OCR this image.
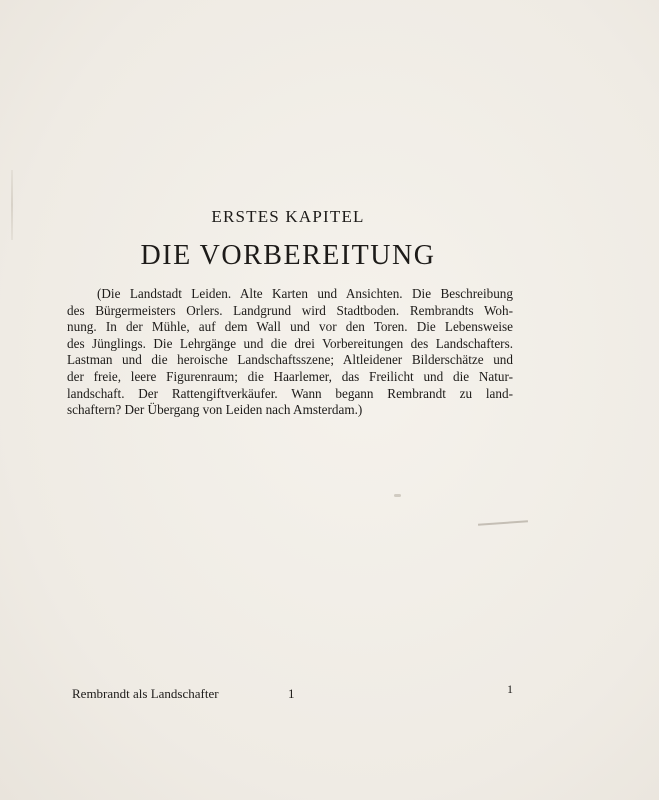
ERSTES KAPITEL
DIE VORBEREITUNG

(Die Landstadt Leiden. Alte Karten und Ansichten. Die Beschreibung
des Bürgermeisters Orlers. Landgrund wird Stadtboden. Rembrandts Woh-
nung. In der Mühle, auf dem Wall und vor den Toren. Die Lebensweise
des Jünglings. Die Lehrgänge und die drei Vorbereitungen des Landschafters.
Lastman und die heroische Landschaftsszene; Altleidener Bilderschätze und
der freie, leere Figurenraum; die Haarlemer, das Freilicht und die Natur-
landschaft. Der Rattengiftverkäufer. Wann begann Rembrandt zu land-
schaftern? Der Übergang von Leiden nach Amsterdam.)

Rembrandt als Landschafter	1	1
